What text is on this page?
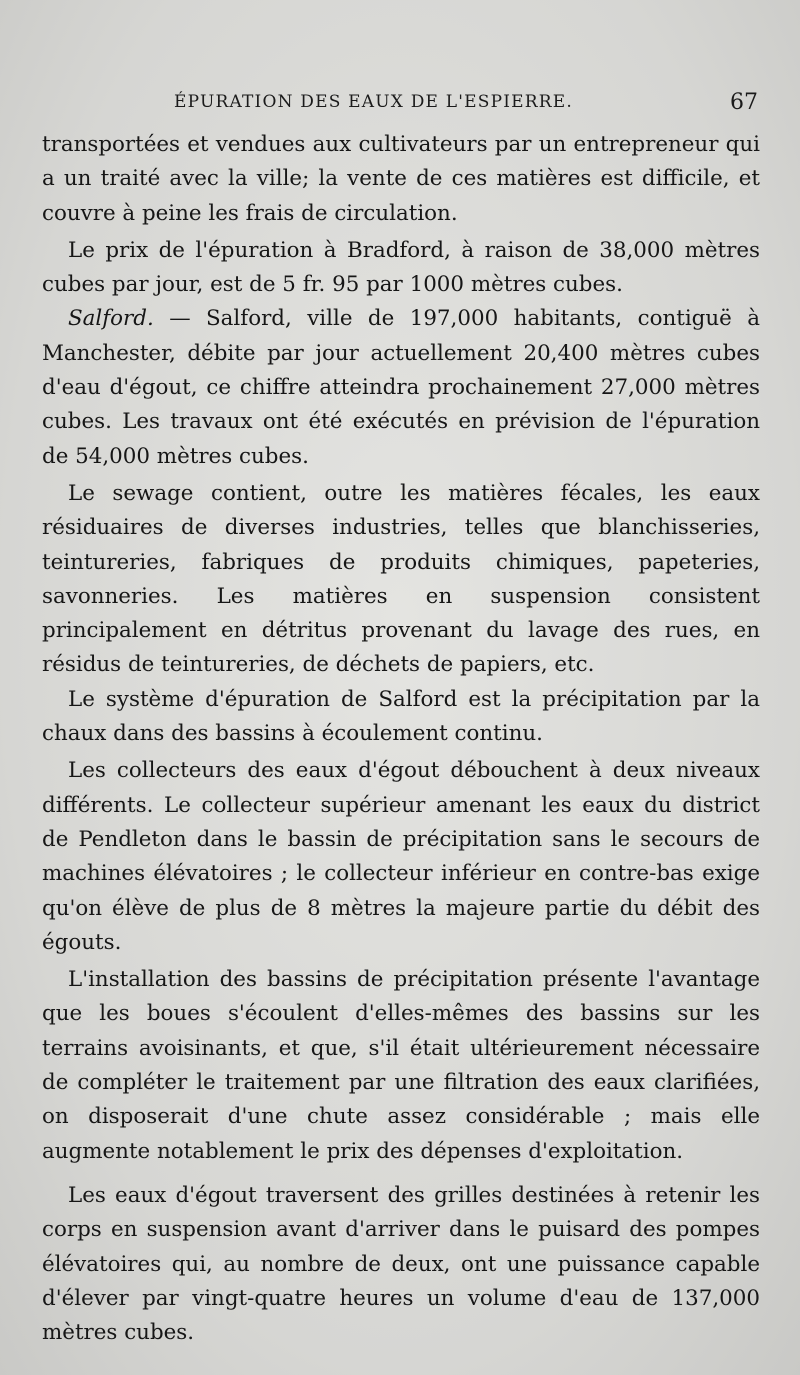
ÉPURATION DES EAUX DE L'ESPIERRE.	67

transportées et vendues aux cultivateurs par un entrepreneur qui a un traité avec la ville; la vente de ces matières est difficile, et couvre à peine les frais de circulation.

Le prix de l'épuration à Bradford, à raison de 38,000 mètres cubes par jour, est de 5 fr. 95 par 1000 mètres cubes.

Salford. — Salford, ville de 197,000 habitants, contiguë à Manchester, débite par jour actuellement 20,400 mètres cubes d'eau d'égout, ce chiffre atteindra prochainement 27,000 mètres cubes. Les travaux ont été exécutés en prévision de l'épuration de 54,000 mètres cubes.

Le sewage contient, outre les matières fécales, les eaux résiduaires de diverses industries, telles que blanchisseries, teintureries, fabriques de produits chimiques, papeteries, savonneries. Les matières en suspension consistent principalement en détritus provenant du lavage des rues, en résidus de teintureries, de déchets de papiers, etc.

Le système d'épuration de Salford est la précipitation par la chaux dans des bassins à écoulement continu.

Les collecteurs des eaux d'égout débouchent à deux niveaux différents. Le collecteur supérieur amenant les eaux du district de Pendleton dans le bassin de précipitation sans le secours de machines élévatoires ; le collecteur inférieur en contre-bas exige qu'on élève de plus de 8 mètres la majeure partie du débit des égouts.

L'installation des bassins de précipitation présente l'avantage que les boues s'écoulent d'elles-mêmes des bassins sur les terrains avoisinants, et que, s'il était ultérieurement nécessaire de compléter le traitement par une filtration des eaux clarifiées, on disposerait d'une chute assez considérable ; mais elle augmente notablement le prix des dépenses d'exploitation.

Les eaux d'égout traversent des grilles destinées à retenir les corps en suspension avant d'arriver dans le puisard des pompes élévatoires qui, au nombre de deux, ont une puissance capable d'élever par vingt-quatre heures un volume d'eau de 137,000 mètres cubes.
